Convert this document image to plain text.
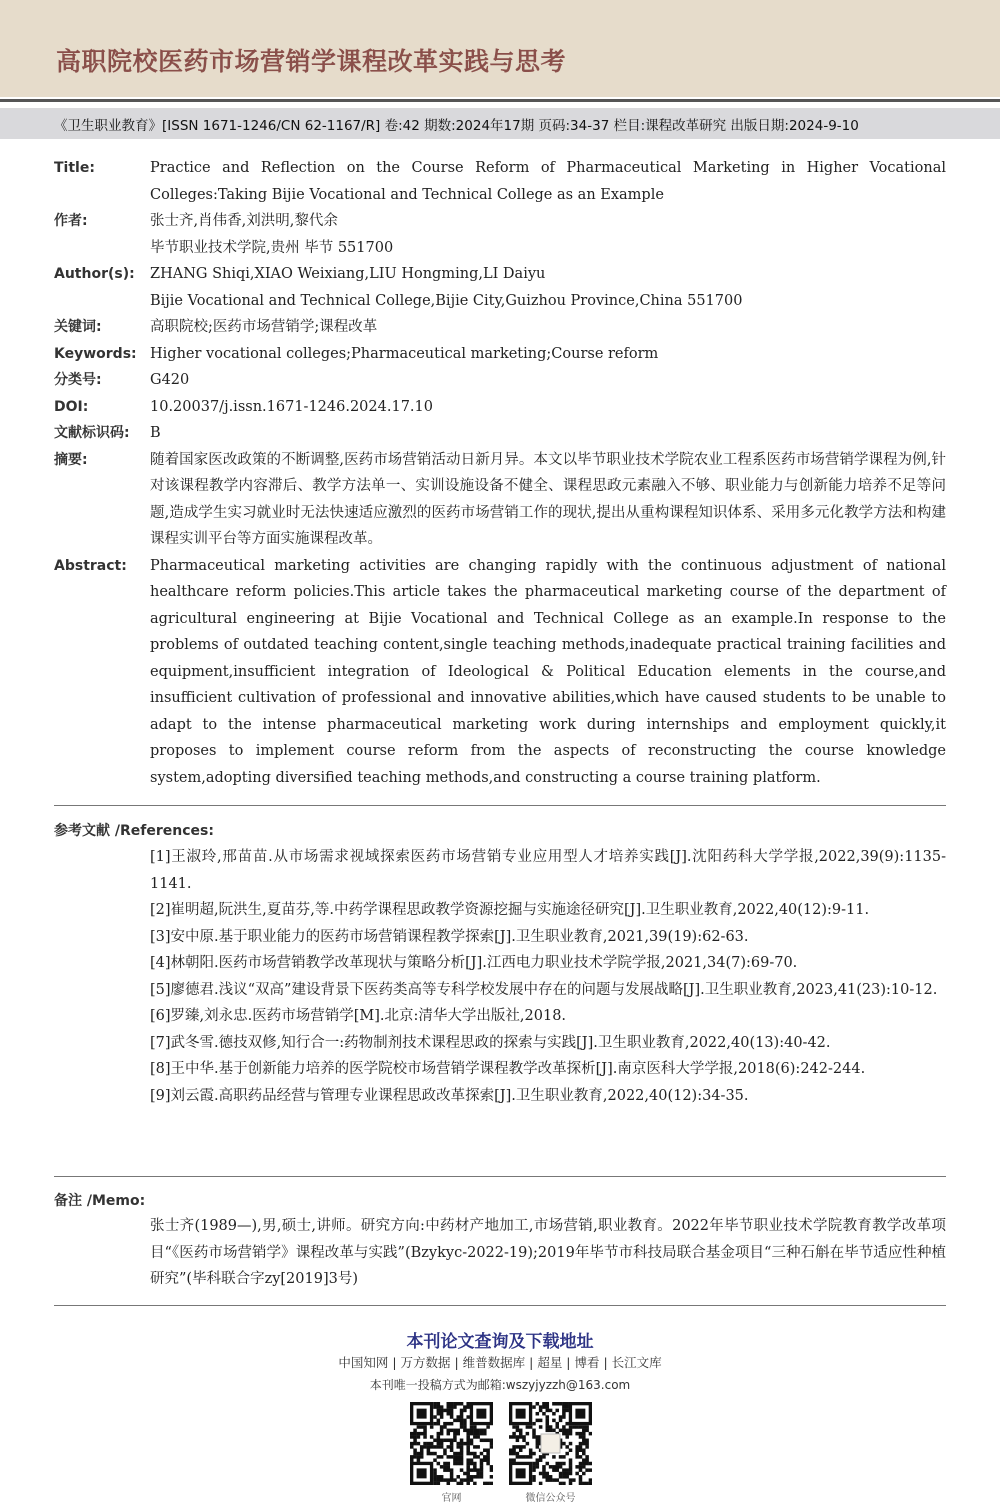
高职院校医药市场营销学课程改革实践与思考
《卫生职业教育》[ISSN 1671-1246/CN 62-1167/R] 卷:42 期数:2024年17期 页码:34-37 栏目:课程改革研究 出版日期:2024-9-10
Title:	Practice and Reflection on the Course Reform of Pharmaceutical Marketing in Higher Vocational Colleges:Taking Bijie Vocational and Technical College as an Example
作者:	张士齐,肖伟香,刘洪明,黎代余
毕节职业技术学院,贵州 毕节 551700
Author(s):	ZHANG Shiqi,XIAO Weixiang,LIU Hongming,LI Daiyu
Bijie Vocational and Technical College,Bijie City,Guizhou Province,China 551700
关键词:	高职院校;医药市场营销学;课程改革
Keywords: Higher vocational colleges;Pharmaceutical marketing;Course reform
分类号:	G420
DOI:	10.20037/j.issn.1671-1246.2024.17.10
文献标识码:	B
摘要:	随着国家医改政策的不断调整,医药市场营销活动日新月异。本文以毕节职业技术学院农业工程系医药市场营销学课程为例,针对该课程教学内容滞后、教学方法单一、实训设施设备不健全、课程思政元素融入不够、职业能力与创新能力培养不足等问题,造成学生实习就业时无法快速适应激烈的医药市场营销工作的现状,提出从重构课程知识体系、采用多元化教学方法和构建课程实训平台等方面实施课程改革。
Abstract:	Pharmaceutical marketing activities are changing rapidly with the continuous adjustment of national healthcare reform policies.This article takes the pharmaceutical marketing course of the department of agricultural engineering at Bijie Vocational and Technical College as an example.In response to the problems of outdated teaching content,single teaching methods,inadequate practical training facilities and equipment,insufficient integration of Ideological & Political Education elements in the course,and insufficient cultivation of professional and innovative abilities,which have caused students to be unable to adapt to the intense pharmaceutical marketing work during internships and employment quickly,it proposes to implement course reform from the aspects of reconstructing the course knowledge system,adopting diversified teaching methods,and constructing a course training platform.
参考文献 /References:
[1]王淑玲,邢苗苗.从市场需求视域探索医药市场营销专业应用型人才培养实践[J].沈阳药科大学学报,2022,39(9):1135-1141.
[2]崔明超,阮洪生,夏苗芬,等.中药学课程思政教学资源挖掘与实施途径研究[J].卫生职业教育,2022,40(12):9-11.
[3]安中原.基于职业能力的医药市场营销课程教学探索[J].卫生职业教育,2021,39(19):62-63.
[4]林朝阳.医药市场营销教学改革现状与策略分析[J].江西电力职业技术学院学报,2021,34(7):69-70.
[5]廖德君.浅议“双高”建设背景下医药类高等专科学校发展中存在的问题与发展战略[J].卫生职业教育,2023,41(23):10-12.
[6]罗臻,刘永忠.医药市场营销学[M].北京:清华大学出版社,2018.
[7]武冬雪.德技双修,知行合一:药物制剂技术课程思政的探索与实践[J].卫生职业教育,2022,40(13):40-42.
[8]王中华.基于创新能力培养的医学院校市场营销学课程教学改革探析[J].南京医科大学学报,2018(6):242-244.
[9]刘云霞.高职药品经营与管理专业课程思政改革探索[J].卫生职业教育,2022,40(12):34-35.
备注 /Memo:
张士齐(1989—),男,硕士,讲师。研究方向:中药材产地加工,市场营销,职业教育。2022年毕节职业技术学院教育教学改革项目“《医药市场营销学》课程改革与实践”(Bzykyc-2022-19);2019年毕节市科技局联合基金项目“三种石斛在毕节适应性种植研究”(毕科联合字zy[2019]3号)
本刊论文查询及下载地址
中国知网 | 万方数据 | 维普数据库 | 超星 | 博看 | 长江文库
本刊唯一投稿方式为邮箱:wszyjyzzh@163.com
官网	微信公众号
